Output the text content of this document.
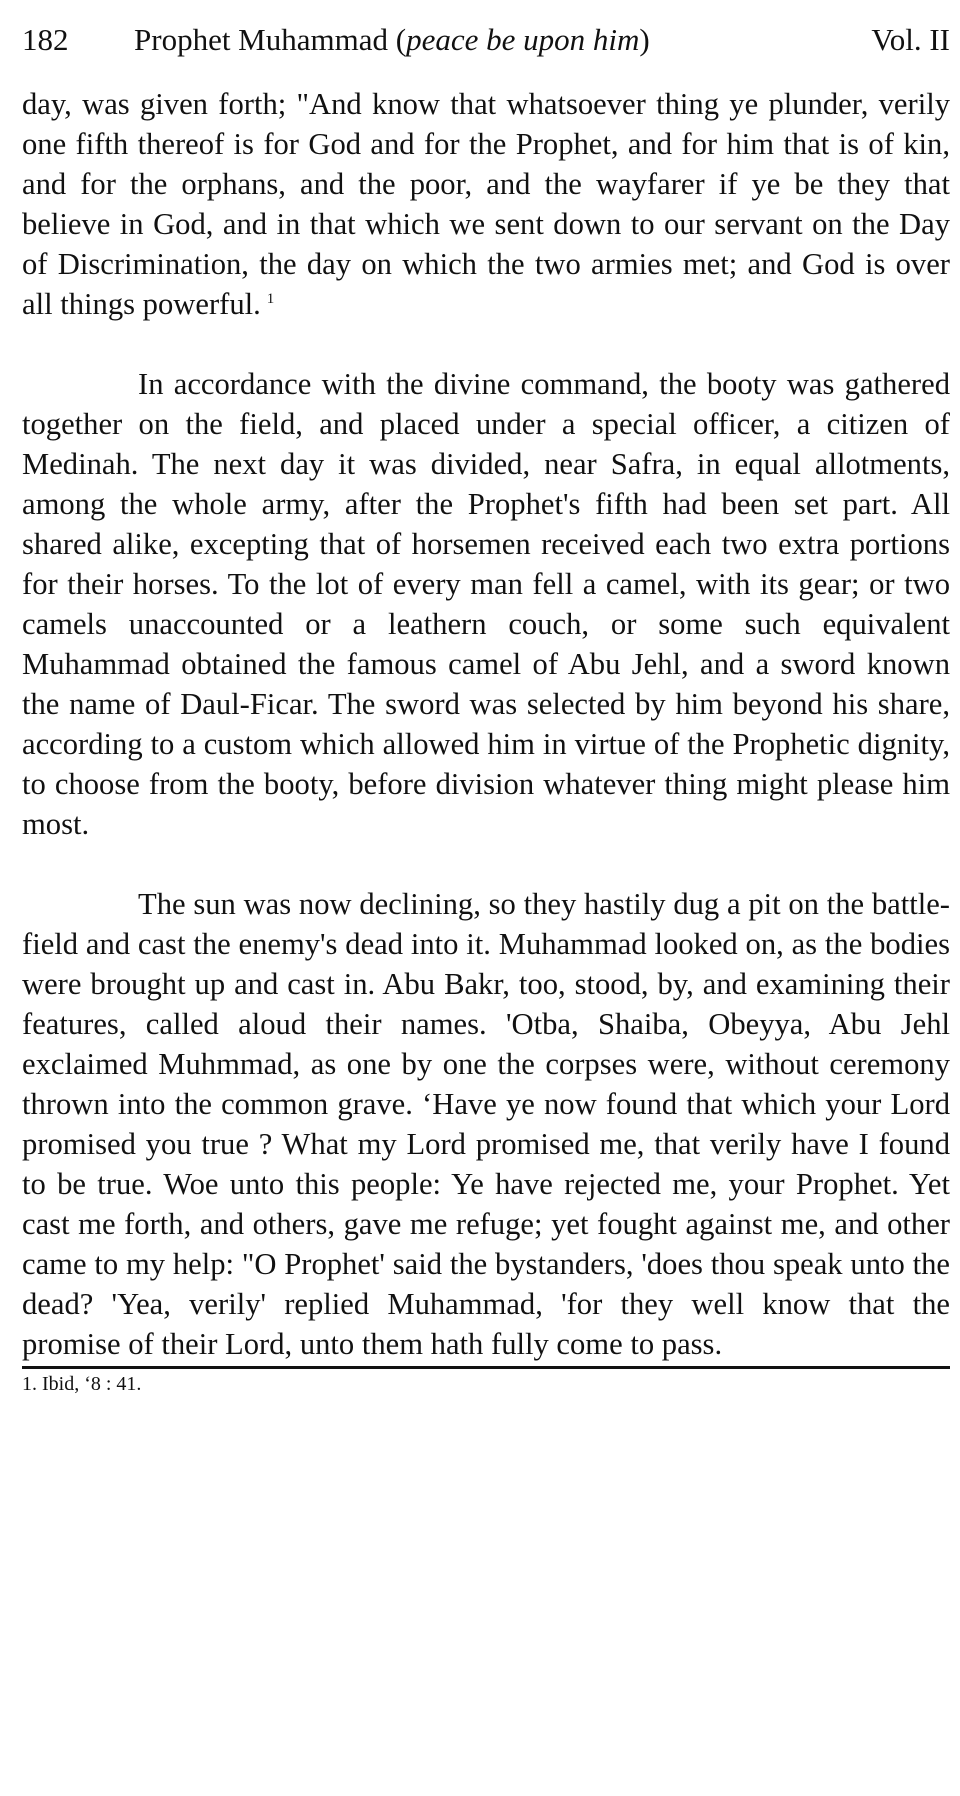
182	Prophet Muhammad (peace be upon him)	Vol. II

day, was given forth; "And know that whatsoever thing ye plunder, verily one fifth thereof is for God and for the Prophet, and for him that is of kin, and for the orphans, and the poor, and the wayfarer if ye be they that believe in God, and in that which we sent down to our servant on the Day of Discrimination, the day on which the two armies met; and God is over all things powerful. $^1$

In accordance with the divine command, the booty was gathered together on the field, and placed under a special officer, a citizen of Medinah. The next day it was divided, near Safra, in equal allotments, among the whole army, after the Prophet's fifth had been set part. All shared alike, excepting that of horsemen received each two extra portions for their horses. To the lot of every man fell a camel, with its gear; or two camels unaccounted or a leathern couch, or some such equivalent Muhammad obtained the famous camel of Abu Jehl, and a sword known the name of Daul-Ficar. The sword was selected by him beyond his share, according to a custom which allowed him in virtue of the Prophetic dignity, to choose from the booty, before division whatever thing might please him most.

The sun was now declining, so they hastily dug a pit on the battle-field and cast the enemy's dead into it. Muhammad looked on, as the bodies were brought up and cast in. Abu Bakr, too, stood, by, and examining their features, called aloud their names. 'Otba, Shaiba, Obeyya, Abu Jehl exclaimed Muhmmad, as one by one the corpses were, without ceremony thrown into the common grave. ‘Have ye now found that which your Lord promised you true ? What my Lord promised me, that verily have I found to be true. Woe unto this people: Ye have rejected me, your Prophet. Yet cast me forth, and others, gave me refuge; yet fought against me, and other came to my help: "O Prophet' said the bystanders, 'does thou speak unto the dead? 'Yea, verily' replied Muhammad, 'for they well know that the promise of their Lord, unto them hath fully come to pass.

1. Ibid, ‘8 : 41.
